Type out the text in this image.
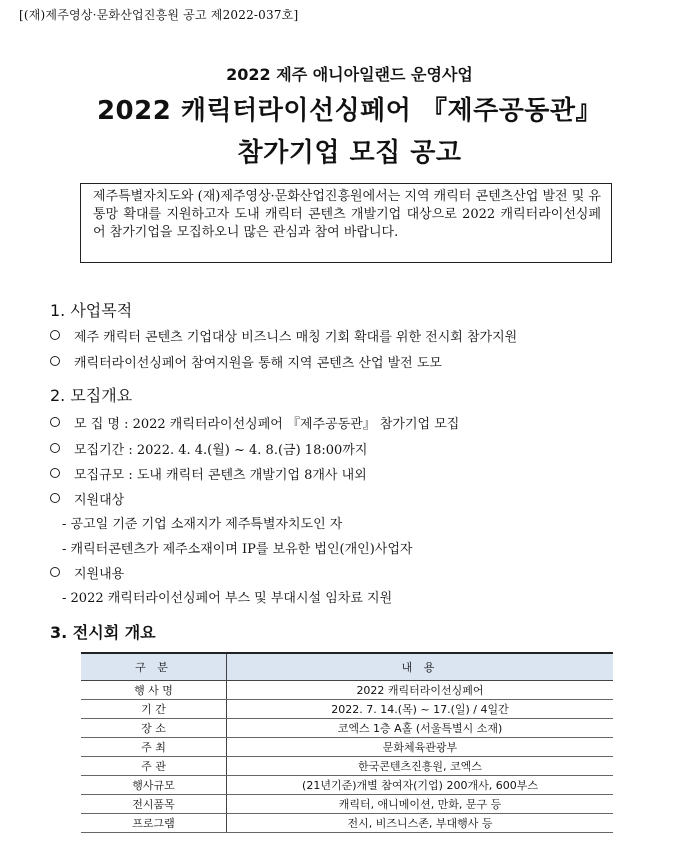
[(재)제주영상·문화산업진흥원 공고 제2022-037호]
2022 제주 애니아일랜드 운영사업
2022 캐릭터라이선싱페어 『제주공동관』
참가기업 모집 공고
제주특별자치도와 (재)제주영상·문화산업진흥원에서는 지역 캐릭터 콘텐츠산업 발전 및 유통망 확대를 지원하고자 도내 캐릭터 콘텐츠 개발기업 대상으로 2022 캐릭터라이선싱페어 참가기업을 모집하오니 많은 관심과 참여 바랍니다.
1. 사업목적
제주 캐릭터 콘텐츠 기업대상 비즈니스 매칭 기회 확대를 위한 전시회 참가지원
캐릭터라이선싱페어 참여지원을 통해 지역 콘텐츠 산업 발전 도모
2. 모집개요
모 집 명 : 2022 캐릭터라이선싱페어 『제주공동관』 참가기업 모집
모집기간 : 2022. 4. 4.(월) ~ 4. 8.(금) 18:00까지
모집규모 : 도내 캐릭터 콘텐츠 개발기업 8개사 내외
지원대상
- 공고일 기준 기업 소재지가 제주특별자치도인 자
- 캐릭터콘텐츠가 제주소재이며 IP를 보유한 법인(개인)사업자
지원내용
- 2022 캐릭터라이선싱페어 부스 및 부대시설 임차료 지원
3. 전시회 개요
구 분	내 용
행 사 명	2022 캐릭터라이선싱페어
기 간	2022. 7. 14.(목) ~ 17.(일) / 4일간
장 소	코엑스 1층 A홀 (서울특별시 소재)
주 최	문화체육관광부
주 관	한국콘텐츠진흥원, 코엑스
행사규모	(21년기준)개별 참여자(기업) 200개사, 600부스
전시품목	캐릭터, 애니메이션, 만화, 문구 등
프로그램	전시, 비즈니스존, 부대행사 등
